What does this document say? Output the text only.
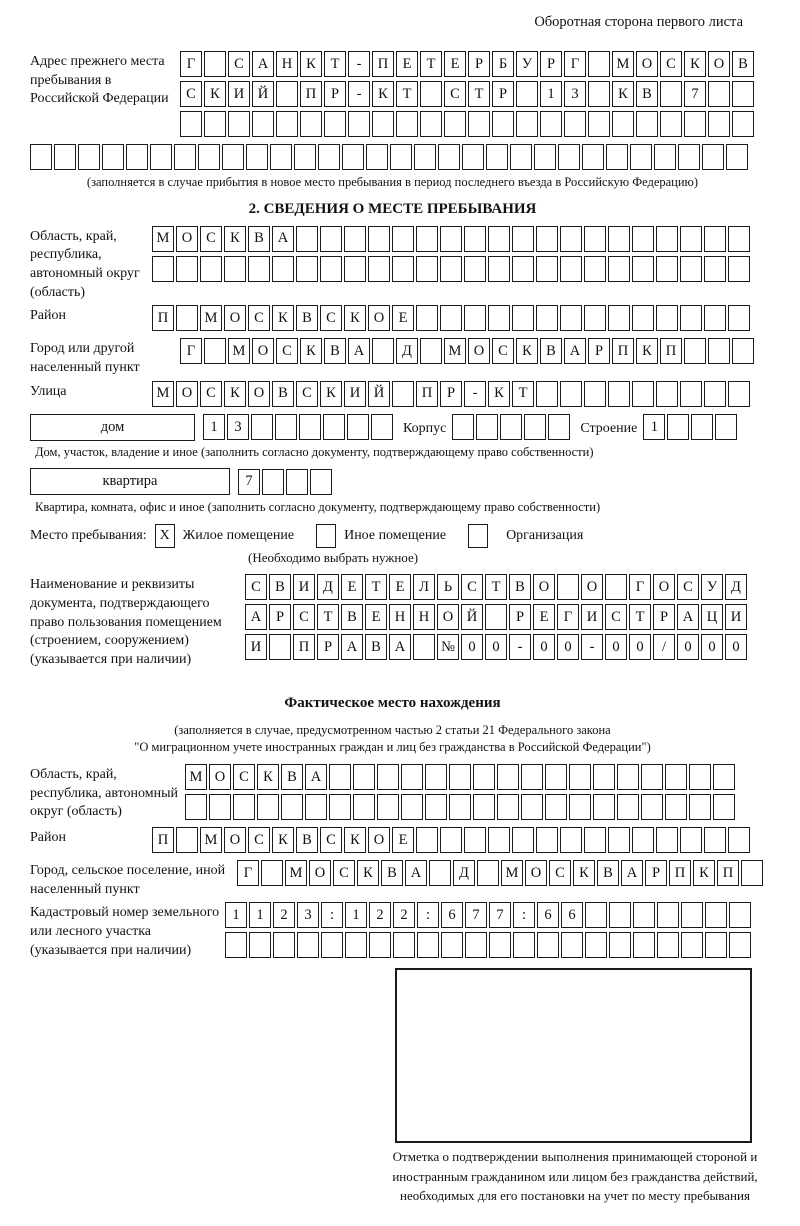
Оборотная сторона первого листа
Адрес прежнего места пребывания в Российской Федерации
Г	С А Н К	Т	-	П Е	Т	Е	Р	Б	У	Р	Г	М О С К О В
С К И Й	П	Р	-	К	Т	С	Т	Р	1	3	К В	7
(заполняется в случае прибытия в новое место пребывания в период последнего въезда в Российскую Федерацию)
2. СВЕДЕНИЯ О МЕСТЕ ПРЕБЫВАНИЯ
Область, край, республика, автономный округ (область)
М О С К В А
Район	П	М О С К В С К О Е
Город или другой населенный пункт
Г	М О С К В А	Д	М О С К В А	Р	П К П
Улица	М О С К О В С К И Й	П	Р	-	К	Т
дом	1	3	Корпус	Строение 1
Дом, участок, владение и иное (заполнить согласно документу, подтверждающему право собственности)
квартира	7
Квартира, комната, офис и иное (заполнить согласно документу, подтверждающему право собственности)
Место пребывания: X Жилое помещение	Иное помещение	Организация
(Необходимо выбрать нужное)
Наименование и реквизиты документа, подтверждающего право пользования помещением (строением, сооружением) (указывается при наличии)
С В И Д	Е	Т	Е	Л	Ь	С	Т	В О	О	Г	О С У Д
А	Р	С	Т	В	Е Н Н О Й	Р	Е	Г	И С	Т	Р	А Ц И
И	П	Р	А В А	№ 0	0	-	0	0	-	0	0	/	0	0	0
Фактическое место нахождения
(заполняется в случае, предусмотренном частью 2 статьи 21 Федерального закона
"О миграционном учете иностранных граждан и лиц без гражданства в Российской Федерации")
Область, край, республика, автономный округ (область)
М О С К В А
Район	П	М О С К В С К О Е
Город, сельское поселение, иной населенный пункт
Г	М О С К В А	Д	М О С К В А	Р	П К П
Кадастровый номер земельного или лесного участка (указывается при наличии)
1	1	2	3	:	1	2	2	:	6	7	7	:	6	6
Отметка о подтверждении выполнения принимающей стороной и иностранным гражданином или лицом без гражданства действий, необходимых для его постановки на учет по месту пребывания
